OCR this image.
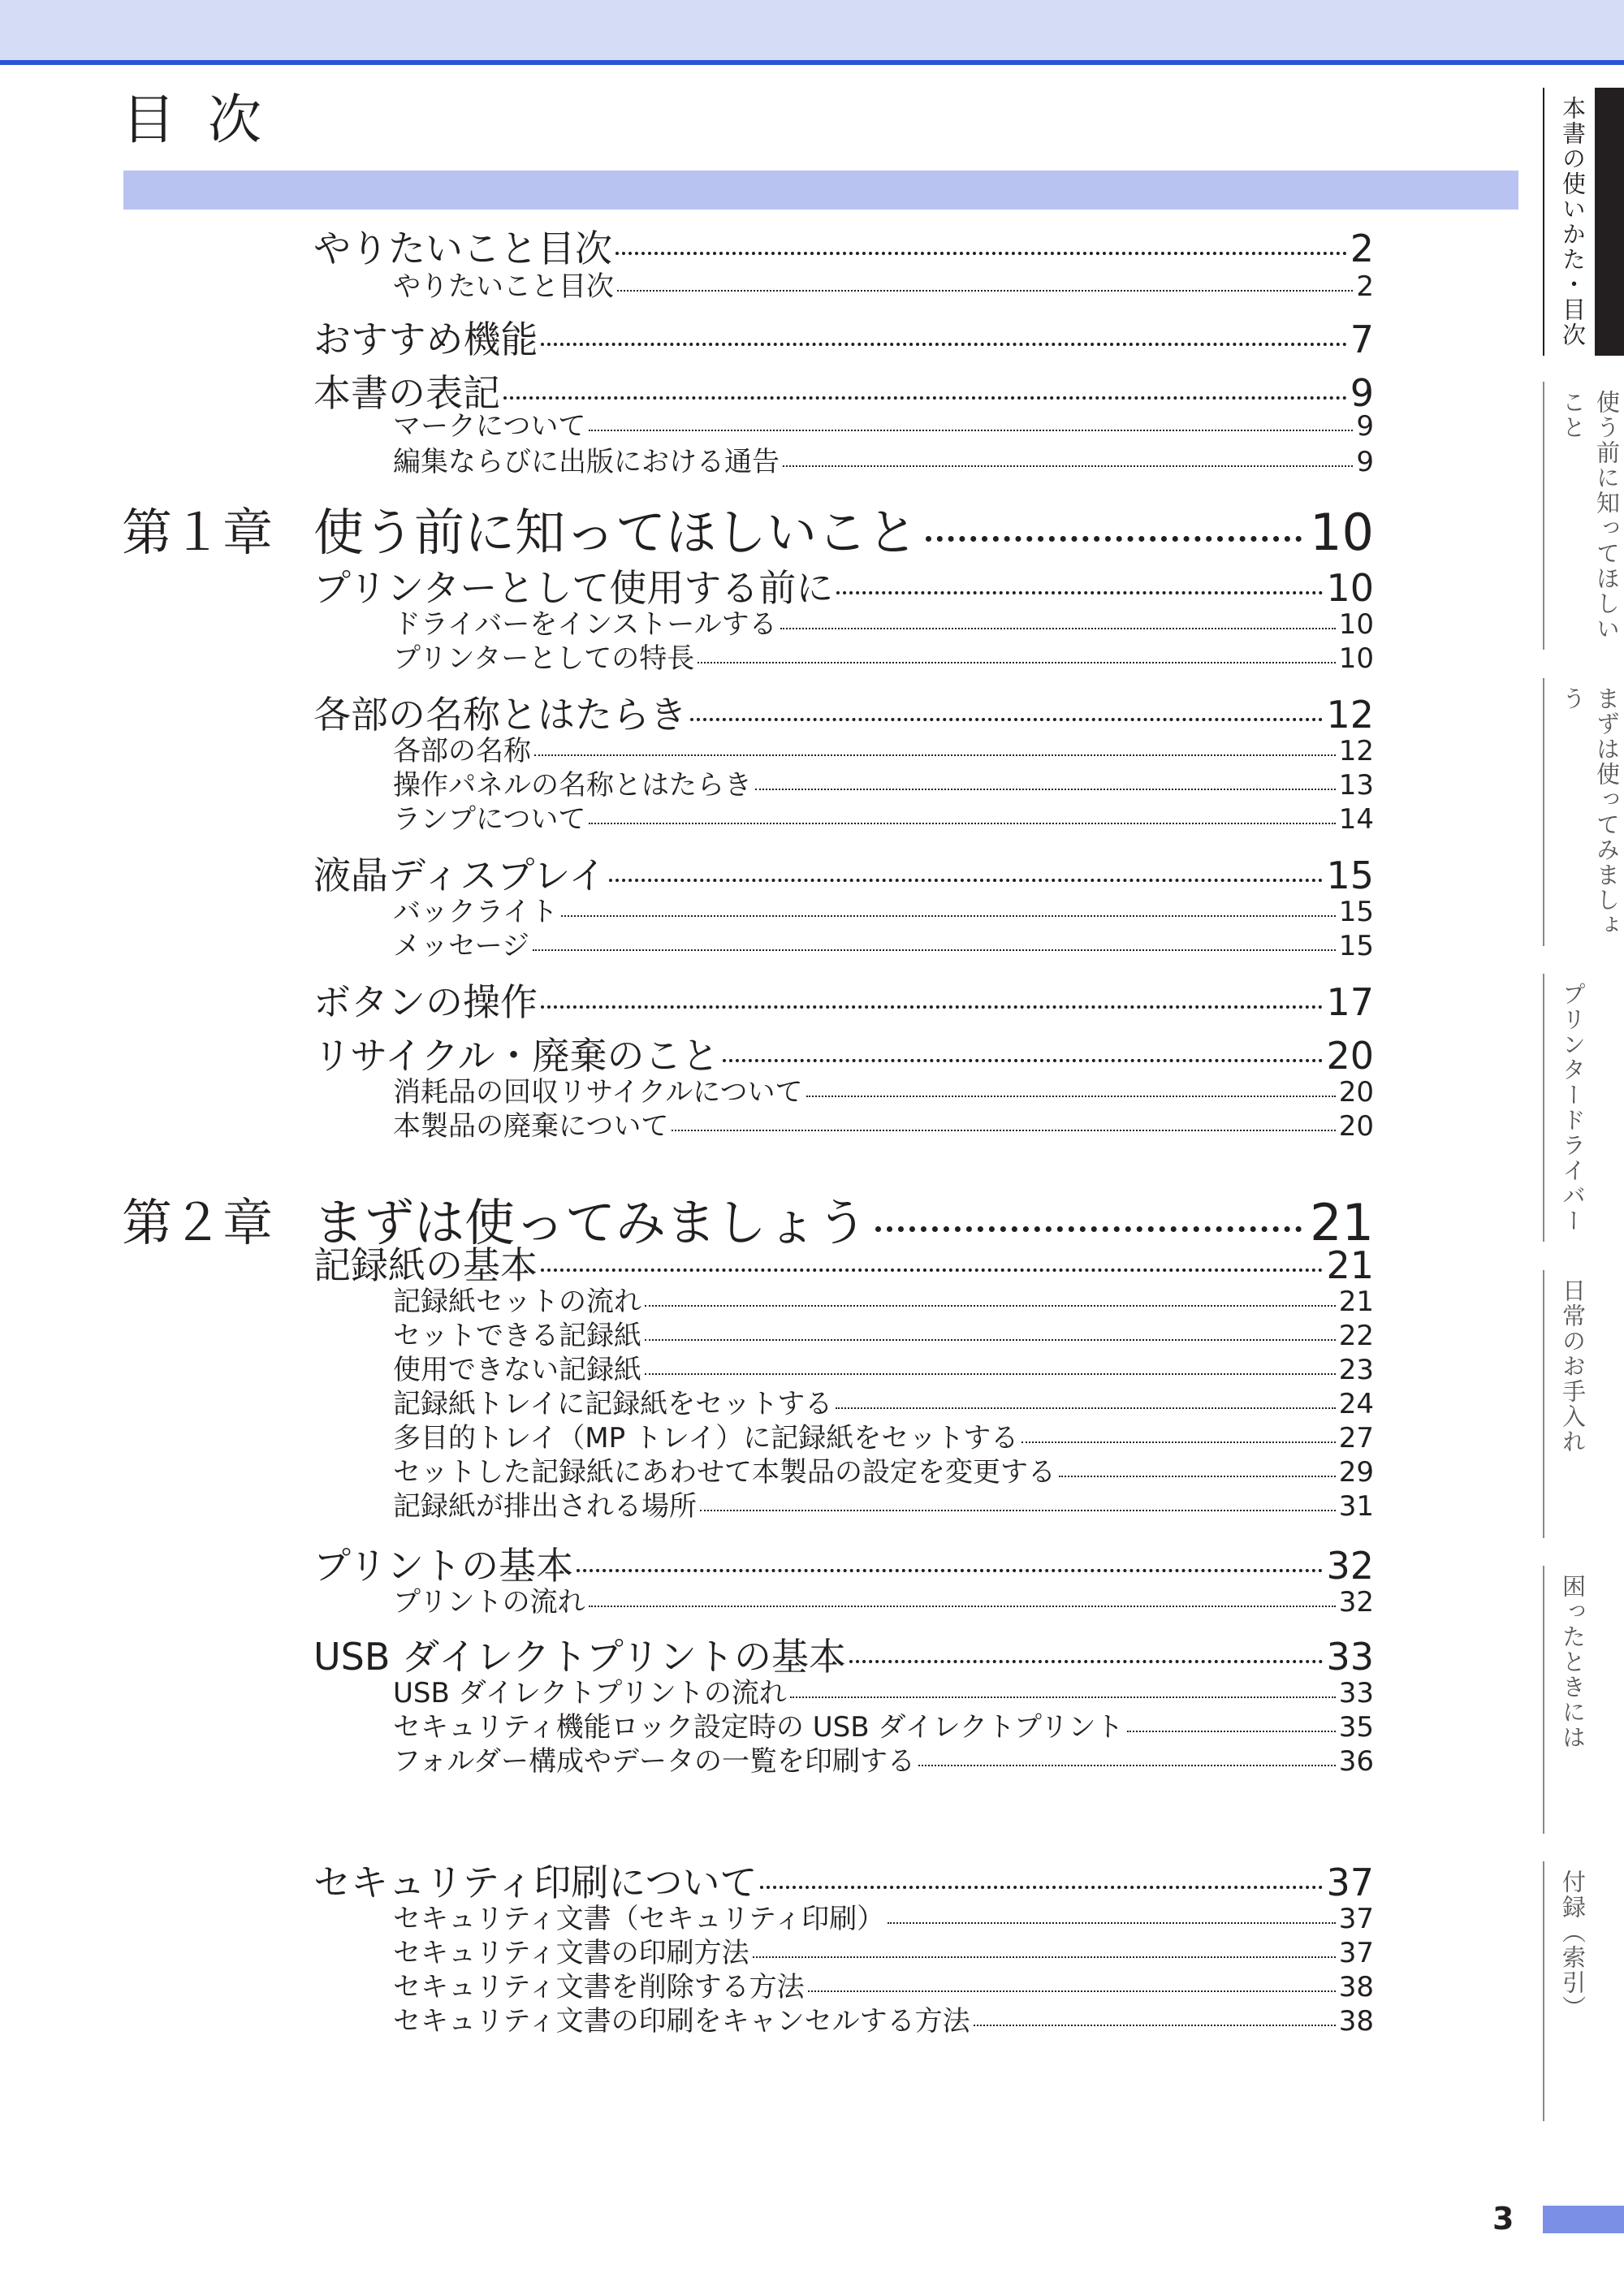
目次
やりたいこと目次	2
やりたいこと目次	2
おすすめ機能	7
本書の表記	9
マークについて	9
編集ならびに出版における通告	9
第１章 使う前に知ってほしいこと	10
プリンターとして使用する前に	10
ドライバーをインストールする	10
プリンターとしての特長	10
各部の名称とはたらき	12
各部の名称	12
操作パネルの名称とはたらき	13
ランプについて	14
液晶ディスプレイ	15
バックライト	15
メッセージ	15
ボタンの操作	17
リサイクル・廃棄のこと	20
消耗品の回収リサイクルについて	20
本製品の廃棄について	20
第２章 まずは使ってみましょう	21
記録紙の基本	21
記録紙セットの流れ	21
セットできる記録紙	22
使用できない記録紙	23
記録紙トレイに記録紙をセットする	24
多目的トレイ（MP トレイ）に記録紙をセットする	27
セットした記録紙にあわせて本製品の設定を変更する	29
記録紙が排出される場所	31
プリントの基本	32
プリントの流れ	32
USB ダイレクトプリントの基本	33
USB ダイレクトプリントの流れ	33
セキュリティ機能ロック設定時の USB ダイレクトプリント	35
フォルダー構成やデータの一覧を印刷する	36
セキュリティ印刷について	37
セキュリティ文書（セキュリティ印刷）	37
セキュリティ文書の印刷方法	37
セキュリティ文書を削除する方法	38
セキュリティ文書の印刷をキャンセルする方法	38
本書の使いかた・目次
使う前に知ってほしいこと
まずは使ってみましょう
プリンタードライバー
日常のお手入れ
困ったときには
付録（索引）
3
